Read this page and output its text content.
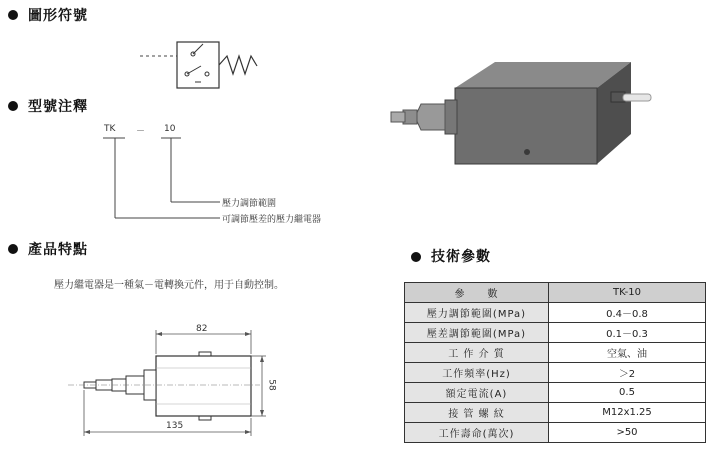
圖形符號
型號注釋
TK － 10
壓力調節範圍
可調節壓差的壓力繼電器
產品特點
壓力繼電器是一種氣－電轉換元件，用于自動控制。
82
58
135
技術參數
參　　數	TK-10
壓力調節範圍(MPa)	0.4－0.8
壓差調節範圍(MPa)	0.1－0.3
工 作 介 質	空氣、油
工作頻率(Hz)	＞2
額定電流(A)	0.5
接 管 螺 紋	M12x1.25
工作壽命(萬次)	>50
